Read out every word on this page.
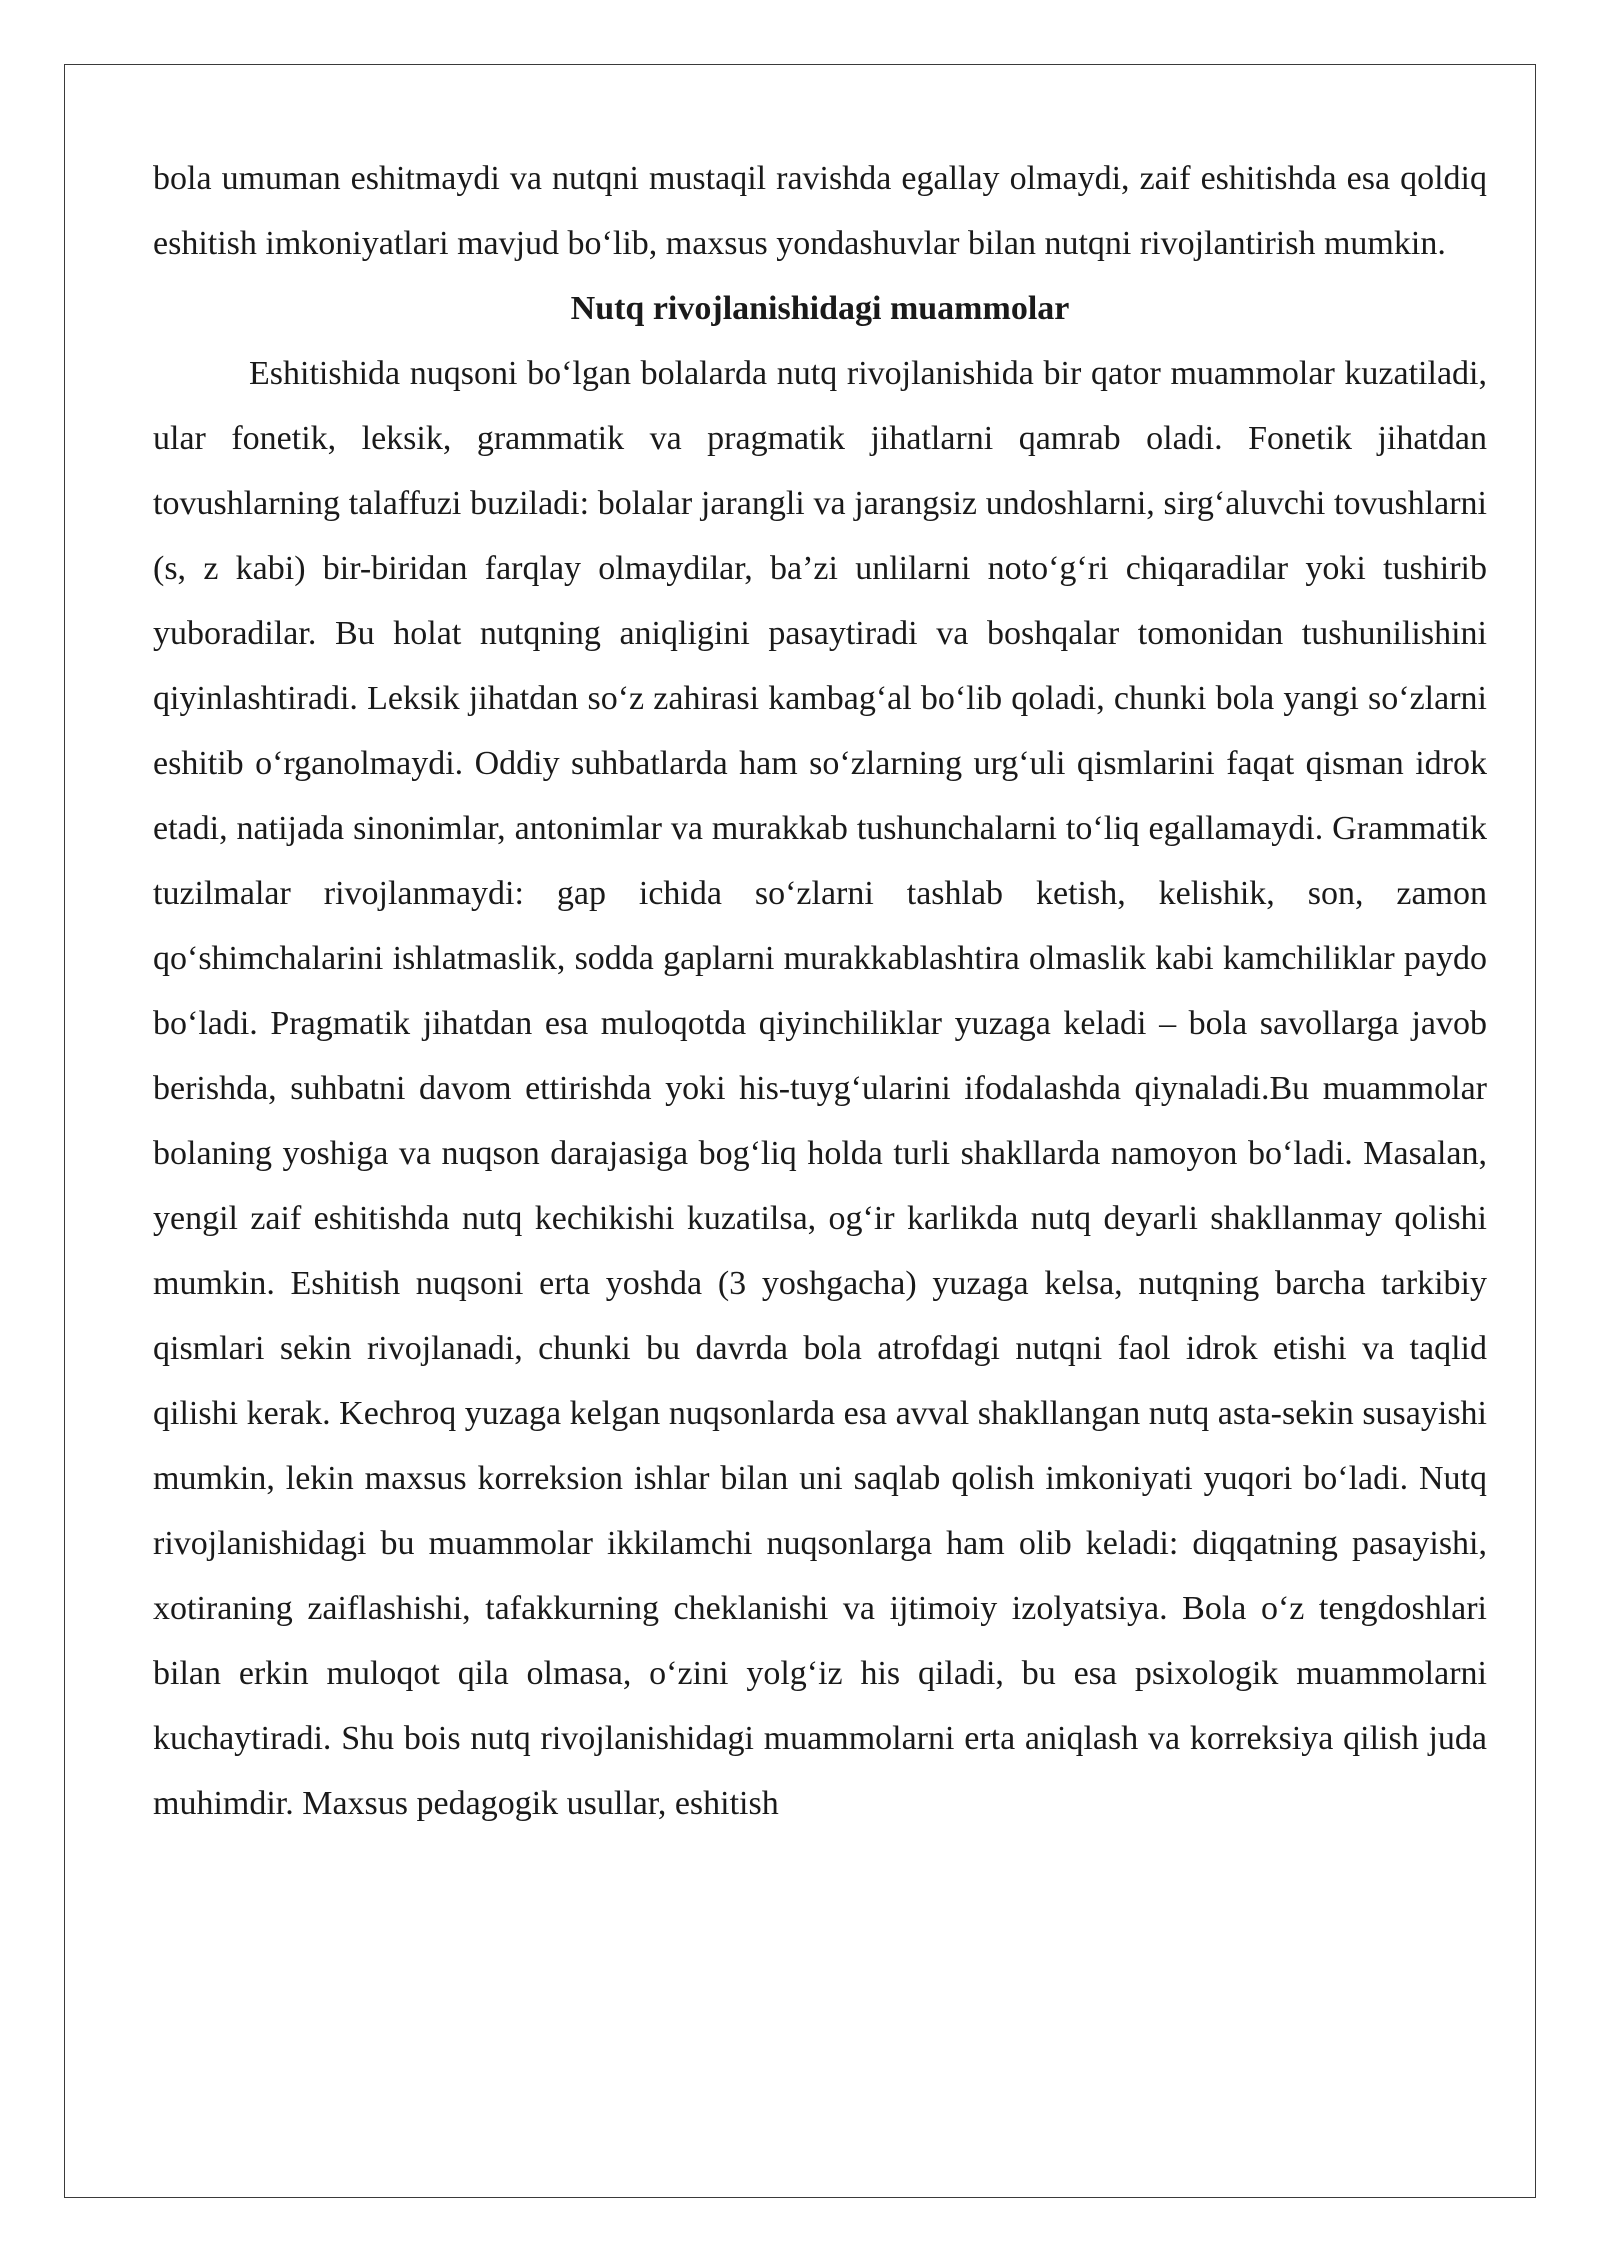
bola umuman eshitmaydi va nutqni mustaqil ravishda egallay olmaydi, zaif eshitishda esa qoldiq eshitish imkoniyatlari mavjud bo‘lib, maxsus yondashuvlar bilan nutqni rivojlantirish mumkin.

Nutq rivojlanishidagi muammolar

Eshitishida nuqsoni bo‘lgan bolalarda nutq rivojlanishida bir qator muammolar kuzatiladi, ular fonetik, leksik, grammatik va pragmatik jihatlarni qamrab oladi. Fonetik jihatdan tovushlarning talaffuzi buziladi: bolalar jarangli va jarangsiz undoshlarni, sirg‘aluvchi tovushlarni (s, z kabi) bir-biridan farqlay olmaydilar, ba’zi unlilarni noto‘g‘ri chiqaradilar yoki tushirib yuboradilar. Bu holat nutqning aniqligini pasaytiradi va boshqalar tomonidan tushunilishini qiyinlashtiradi. Leksik jihatdan so‘z zahirasi kambag‘al bo‘lib qoladi, chunki bola yangi so‘zlarni eshitib o‘rganolmaydi. Oddiy suhbatlarda ham so‘zlarning urg‘uli qismlarini faqat qisman idrok etadi, natijada sinonimlar, antonimlar va murakkab tushunchalarni to‘liq egallamaydi. Grammatik tuzilmalar rivojlanmaydi: gap ichida so‘zlarni tashlab ketish, kelishik, son, zamon qo‘shimchalarini ishlatmaslik, sodda gaplarni murakkablashtira olmaslik kabi kamchiliklar paydo bo‘ladi. Pragmatik jihatdan esa muloqotda qiyinchiliklar yuzaga keladi – bola savollarga javob berishda, suhbatni davom ettirishda yoki his-tuyg‘ularini ifodalashda qiynaladi.Bu muammolar bolaning yoshiga va nuqson darajasiga bog‘liq holda turli shakllarda namoyon bo‘ladi. Masalan, yengil zaif eshitishda nutq kechikishi kuzatilsa, og‘ir karlikda nutq deyarli shakllanmay qolishi mumkin. Eshitish nuqsoni erta yoshda (3 yoshgacha) yuzaga kelsa, nutqning barcha tarkibiy qismlari sekin rivojlanadi, chunki bu davrda bola atrofdagi nutqni faol idrok etishi va taqlid qilishi kerak. Kechroq yuzaga kelgan nuqsonlarda esa avval shakllangan nutq asta-sekin susayishi mumkin, lekin maxsus korreksion ishlar bilan uni saqlab qolish imkoniyati yuqori bo‘ladi. Nutq rivojlanishidagi bu muammolar ikkilamchi nuqsonlarga ham olib keladi: diqqatning pasayishi, xotiraning zaiflashishi, tafakkurning cheklanishi va ijtimoiy izolyatsiya. Bola o‘z tengdoshlari bilan erkin muloqot qila olmasa, o‘zini yolg‘iz his qiladi, bu esa psixologik muammolarni kuchaytiradi. Shu bois nutq rivojlanishidagi muammolarni erta aniqlash va korreksiya qilish juda muhimdir. Maxsus pedagogik usullar, eshitish
